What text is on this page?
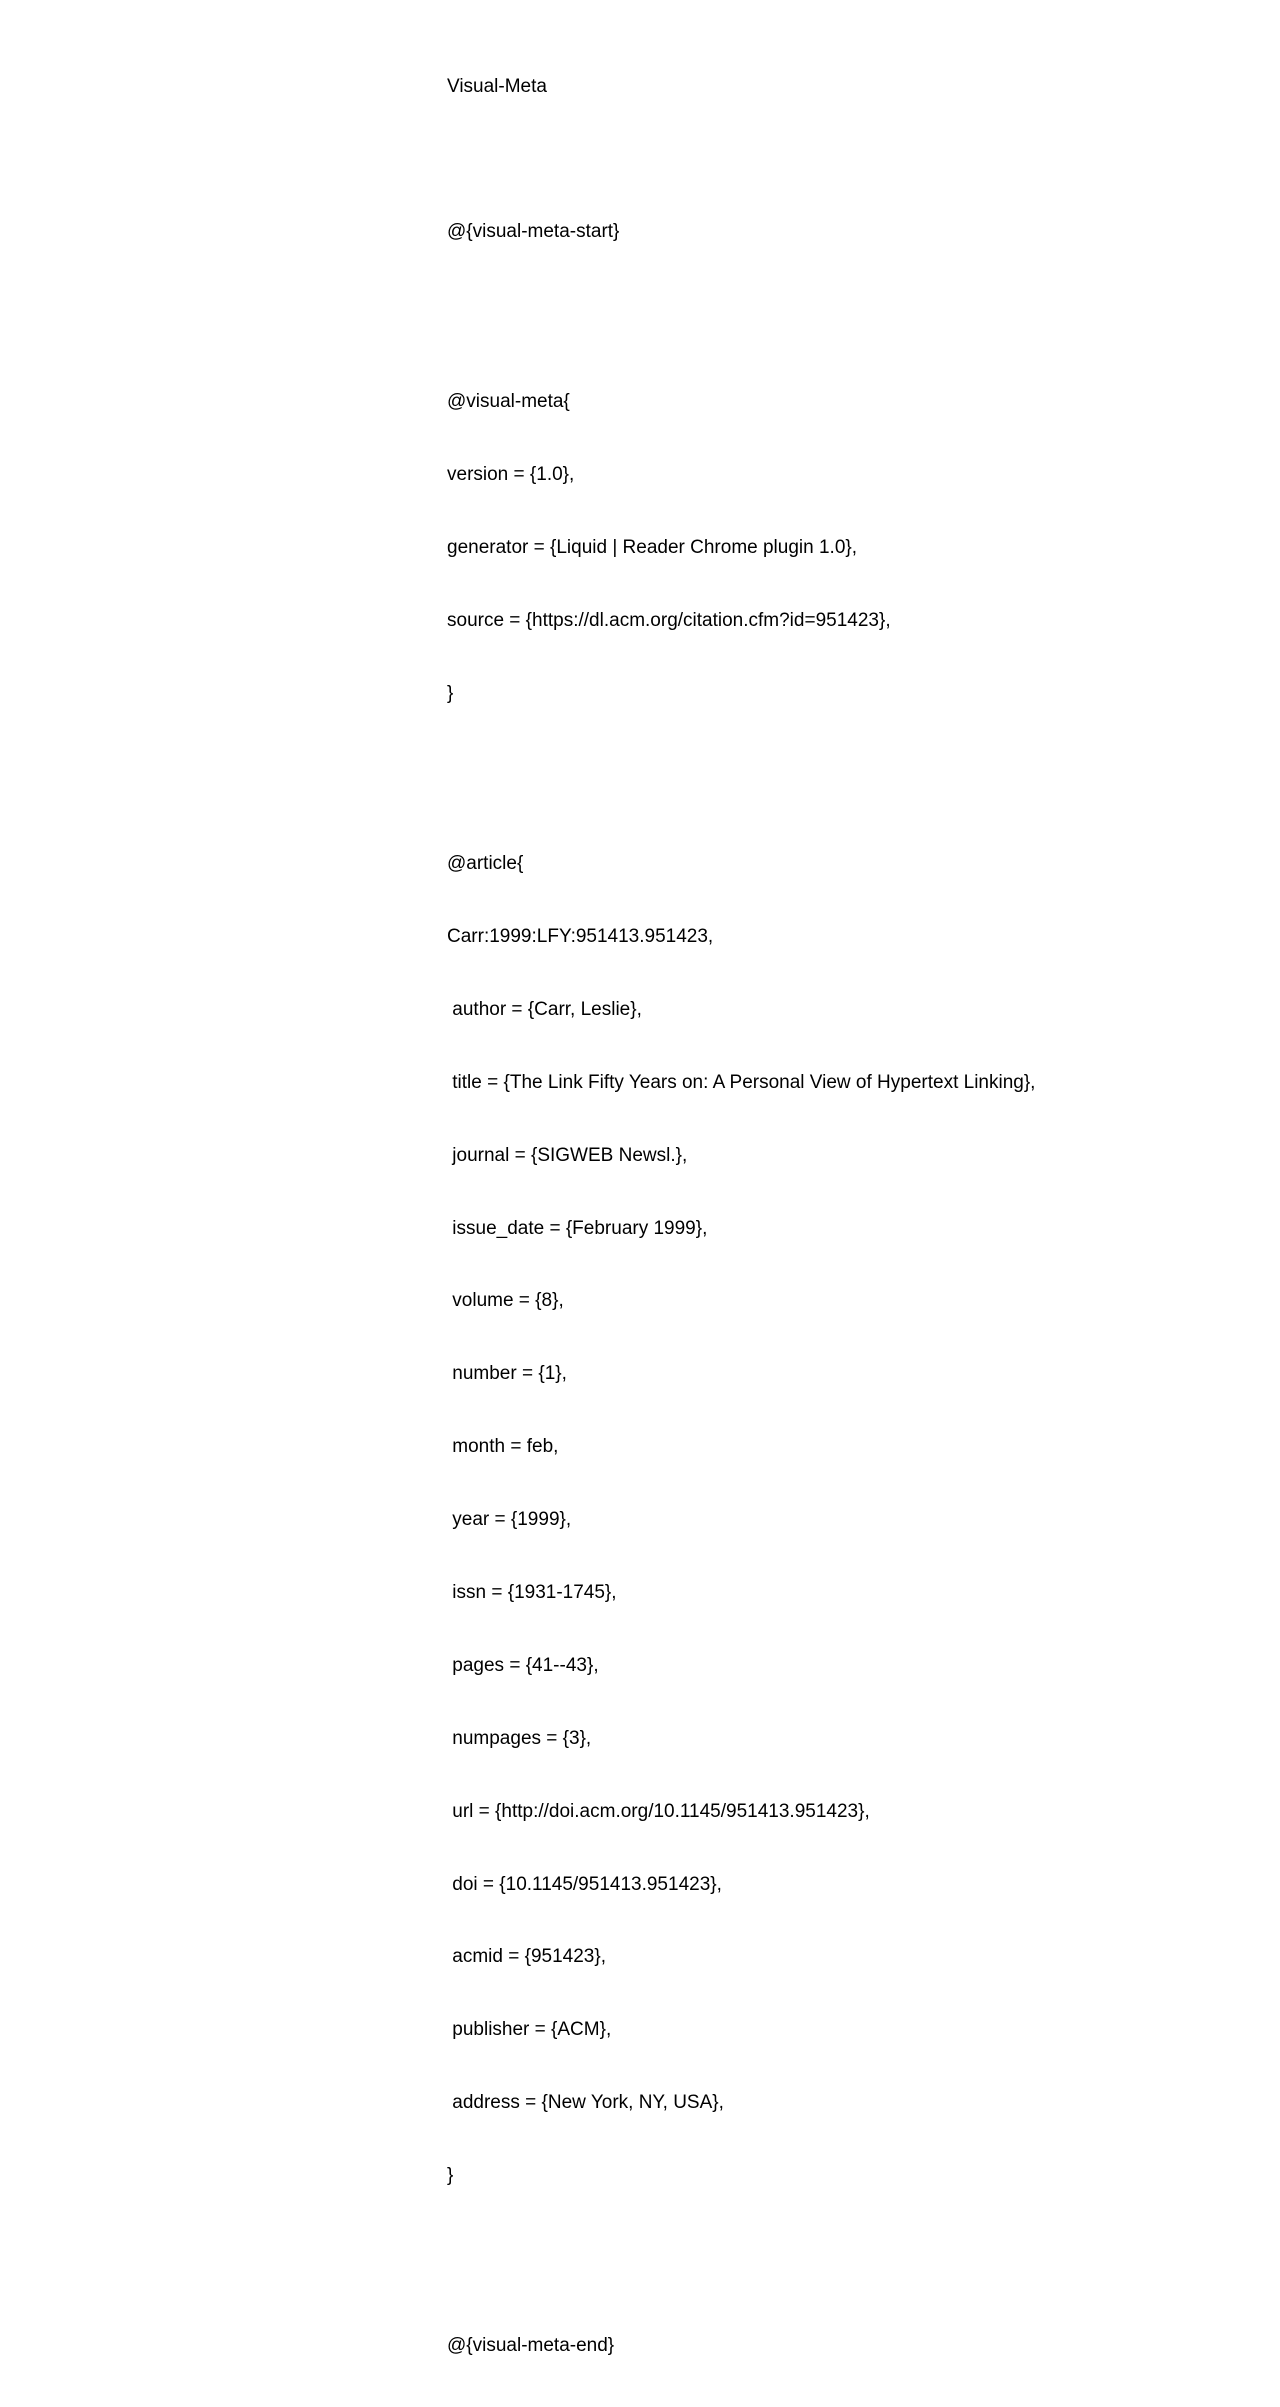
Visual-Meta

@{visual-meta-start}

@visual-meta{

version = {1.0},

generator = {Liquid | Reader Chrome plugin 1.0},

source = {https://dl.acm.org/citation.cfm?id=951423},

}

@article{

Carr:1999:LFY:951413.951423,

author = {Carr, Leslie},

title = {The Link Fifty Years on: A Personal View of Hypertext Linking},

journal = {SIGWEB Newsl.},

issue_date = {February 1999},

volume = {8},

number = {1},

month = feb,

year = {1999},

issn = {1931-1745},

pages = {41--43},

numpages = {3},

url = {http://doi.acm.org/10.1145/951413.951423},

doi = {10.1145/951413.951423},

acmid = {951423},

publisher = {ACM},

address = {New York, NY, USA},

}

@{visual-meta-end}
